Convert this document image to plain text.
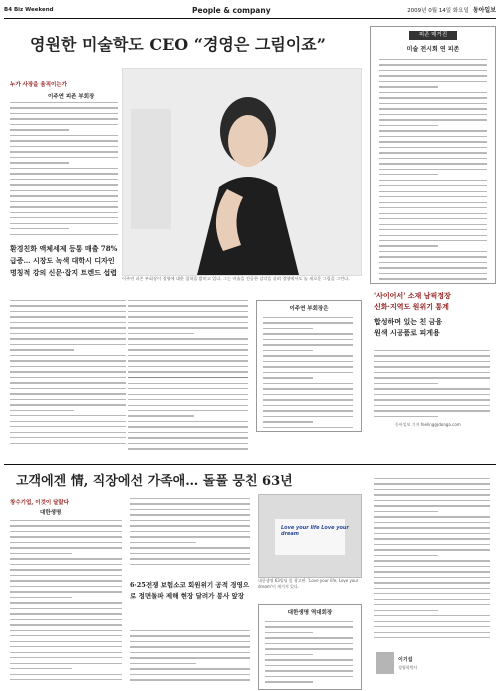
B4 Biz Weekend	People & company	2009년 0월 14일 화요일 동아일보
영원한 미술학도 CEO “경영은 그림이죠”
누가 사장을 움직이는가
이주연 피존 부회장
환경친화 액체세제 등통 매출 78% 급증… 시장도 녹색 대학시 디자인 명칭적 강의 신문·잡지 트렌드 섭렵
이주연 피존 부회장이 경영에 대한 철학을 밝히고 있다. 그는 미술을 전공한 감각을 살려 경영에서도 늘 새로운 그림을 그린다.
이주연 부회장은
피존 매거진
미술 전시회 연 피존
'사이어서' 소재 남픽정장
신화·지역도 원위기 통계
합성하며 있는 친 금융
원색 시공품로 피게용
동아일보 기자 feeling@donga.com
고객에겐 情, 직장에선 가족애… 돌풀 뭉친 63년
창수기업, 이것이 달랐다
대한생명
6·25전쟁 보험소코 회원위기 공적 경영으로 정면돌파 제해 현장 달려가 봉사 앞장
Love your life Love your dream
대한생명 63빌딩 앞 광고판. 'Love your life, Love your dream'이 새겨져 있다.
대한생명 역대회장
이기섭
경영학박사
